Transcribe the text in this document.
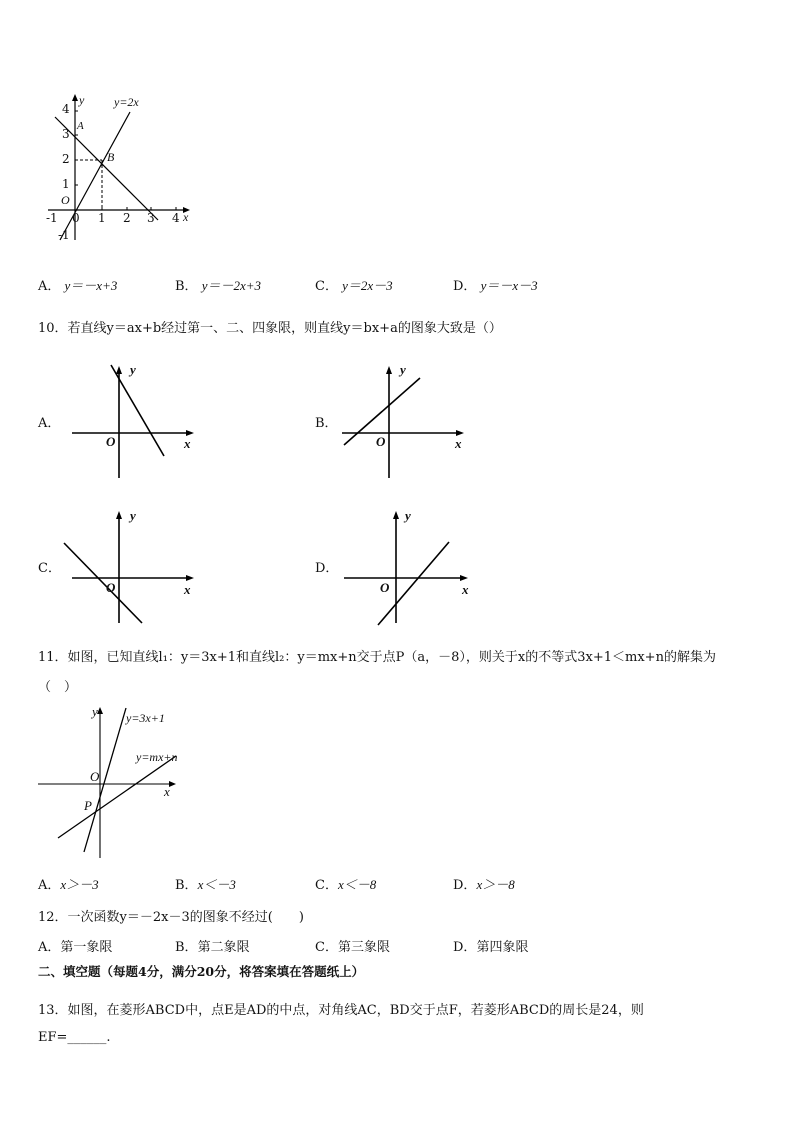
y=2x
y
x
A
B
O
4
3
2
1
-1
-1 0 1 2 3 4
A． y＝－x+3	B． y＝－2x+3	C． y＝2x－3	D． y＝－x－3
10．若直线y＝ax+b经过第一、二、四象限，则直线y＝bx+a的图象大致是（）
A．
y
O	x
B．
y
O	x
C．
y
O	x
D．
y
O	x
11．如图，已知直线l₁：y＝3x+1和直线l₂：y＝mx+n交于点P（a，－8），则关于x的不等式3x+1＜mx+n的解集为
（　）
y=3x+1
y=mx+n
y
x
O
P
A．x＞－3	B．x＜－3	C．x＜－8	D．x＞－8
12．一次函数y＝－2x－3的图象不经过(　　)
A．第一象限	B．第二象限	C．第三象限	D．第四象限
二、填空题（每题4分，满分20分，将答案填在答题纸上）
13．如图，在菱形ABCD中，点E是AD的中点，对角线AC，BD交于点F，若菱形ABCD的周长是24，则
EF=______.
